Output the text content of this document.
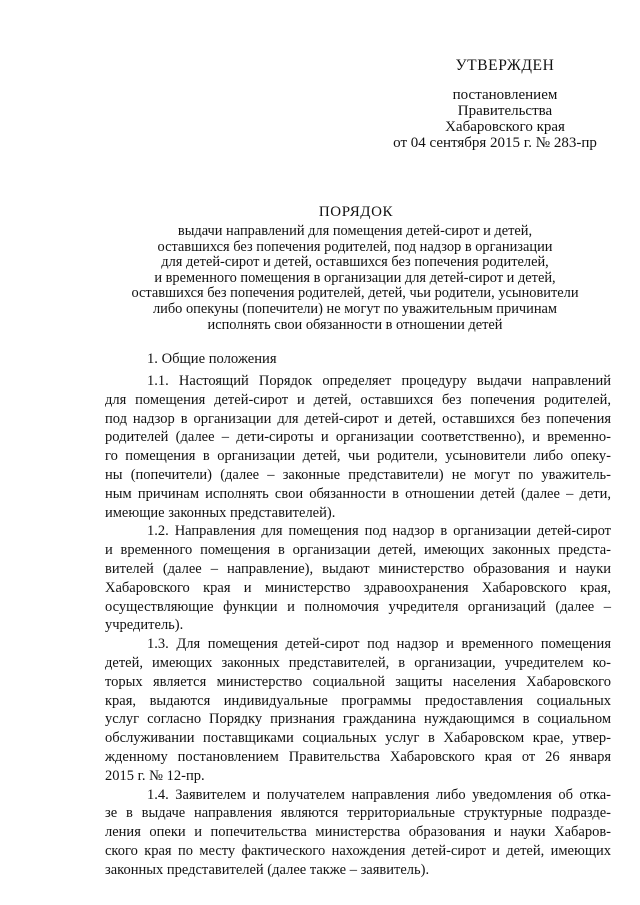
УТВЕРЖДЕН
постановлением
Правительства
Хабаровского края
от 04 сентября 2015 г. № 283-пр
ПОРЯДОК
выдачи направлений для помещения детей-сирот и детей,
оставшихся без попечения родителей, под надзор в организации
для детей-сирот и детей, оставшихся без попечения родителей,
и временного помещения в организации для детей-сирот и детей,
оставшихся без попечения родителей, детей, чьи родители, усыновители
либо опекуны (попечители) не могут по уважительным причинам
исполнять свои обязанности в отношении детей
1. Общие положения
1.1. Настоящий Порядок определяет процедуру выдачи направлений
для помещения детей-сирот и детей, оставшихся без попечения родителей,
под надзор в организации для детей-сирот и детей, оставшихся без попечения
родителей (далее – дети-сироты и организации соответственно), и временно-
го помещения в организации детей, чьи родители, усыновители либо опеку-
ны (попечители) (далее – законные представители) не могут по уважитель-
ным причинам исполнять свои обязанности в отношении детей (далее – дети,
имеющие законных представителей).
1.2. Направления для помещения под надзор в организации детей-сирот
и временного помещения в организации детей, имеющих законных предста-
вителей (далее – направление), выдают министерство образования и науки
Хабаровского края и министерство здравоохранения Хабаровского края,
осуществляющие функции и полномочия учредителя организаций (далее –
учредитель).
1.3. Для помещения детей-сирот под надзор и временного помещения
детей, имеющих законных представителей, в организации, учредителем ко-
торых является министерство социальной защиты населения Хабаровского
края, выдаются индивидуальные программы предоставления социальных
услуг согласно Порядку признания гражданина нуждающимся в социальном
обслуживании поставщиками социальных услуг в Хабаровском крае, утвер-
жденному постановлением Правительства Хабаровского края от 26 января
2015 г. № 12-пр.
1.4. Заявителем и получателем направления либо уведомления об отка-
зе в выдаче направления являются территориальные структурные подразде-
ления опеки и попечительства министерства образования и науки Хабаров-
ского края по месту фактического нахождения детей-сирот и детей, имеющих
законных представителей (далее также – заявитель).
